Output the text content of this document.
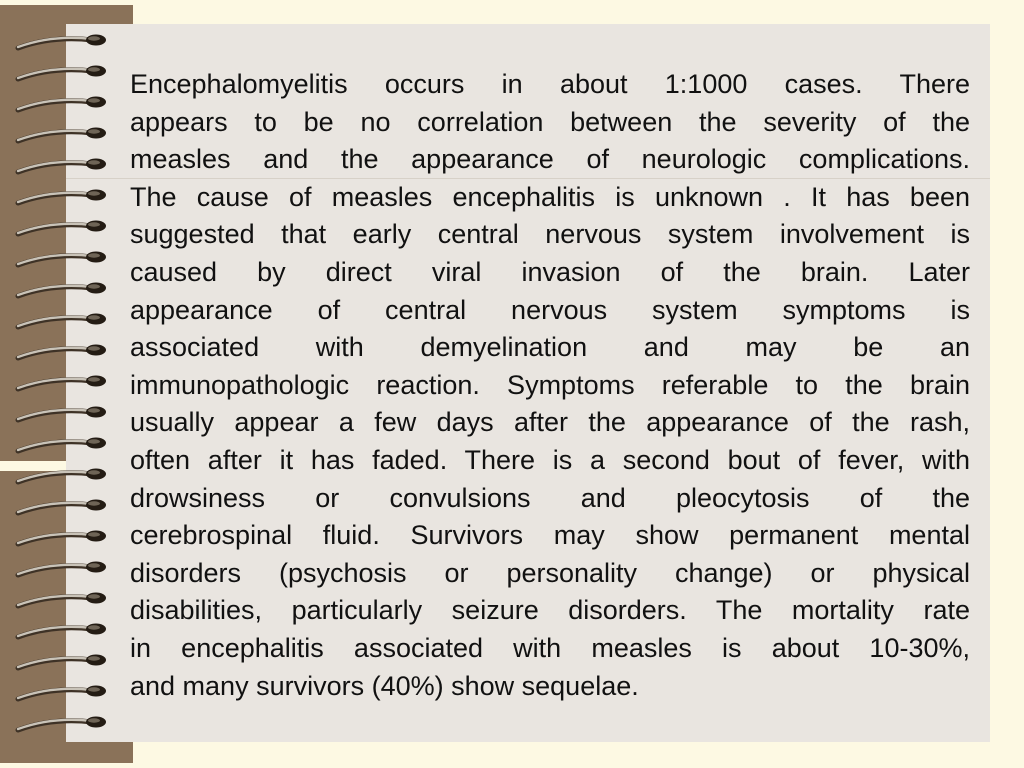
Encephalomyelitis occurs in about 1:1000 cases. There
appears to be no correlation between the severity of the
measles and the appearance of neurologic complications.
The cause of measles encephalitis is unknown . It has been
suggested that early central nervous system involvement is
caused by direct viral invasion of the brain. Later
appearance of central nervous system symptoms is
associated with demyelination and may be an
immunopathologic reaction. Symptoms referable to the brain
usually appear a few days after the appearance of the rash,
often after it has faded. There is a second bout of fever, with
drowsiness or convulsions and pleocytosis of the
cerebrospinal fluid. Survivors may show permanent mental
disorders (psychosis or personality change) or physical
disabilities, particularly seizure disorders. The mortality rate
in encephalitis associated with measles is about 10-30%,
and many survivors (40%) show sequelae.
